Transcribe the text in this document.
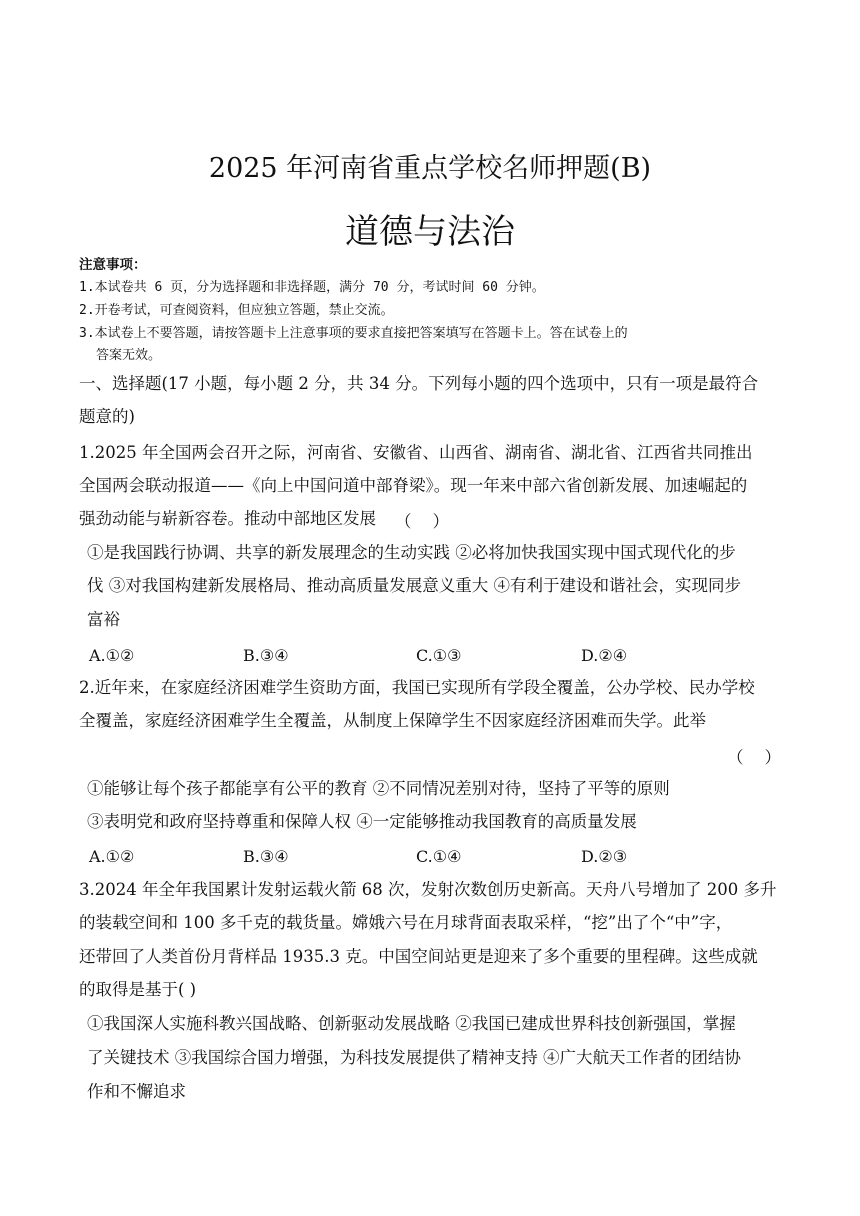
2025 年河南省重点学校名师押题(B)
道德与法治
注意事项：
1.本试卷共 6 页，分为选择题和非选择题，满分 70 分，考试时间 60 分钟。
2.开卷考试，可查阅资料，但应独立答题，禁止交流。
3.本试卷上不要答题，请按答题卡上注意事项的要求直接把答案填写在答题卡上。答在试卷上的
答案无效。
一、选择题(17 小题，每小题 2 分，共 34 分。下列每小题的四个选项中，只有一项是最符合
题意的)
1.2025 年全国两会召开之际，河南省、安徽省、山西省、湖南省、湖北省、江西省共同推出
全国两会联动报道——《向上中国问道中部脊梁》。现一年来中部六省创新发展、加速崛起的
强劲动能与崭新容卷。推动中部地区发展 （    ）
①是我国践行协调、共享的新发展理念的生动实践 ②必将加快我国实现中国式现代化的步
伐 ③对我国构建新发展格局、推动高质量发展意义重大 ④有利于建设和谐社会，实现同步
富裕
A.①②	B.③④	C.①③	D.②④
2.近年来，在家庭经济困难学生资助方面，我国已实现所有学段全覆盖，公办学校、民办学校
全覆盖，家庭经济困难学生全覆盖，从制度上保障学生不因家庭经济困难而失学。此举
（    ）
①能够让每个孩子都能享有公平的教育 ②不同情况差别对待，坚持了平等的原则
③表明党和政府坚持尊重和保障人权 ④一定能够推动我国教育的高质量发展
A.①②	B.③④	C.①④	D.②③
3.2024 年全年我国累计发射运载火箭 68 次，发射次数创历史新高。天舟八号增加了 200 多升
的装载空间和 100 多千克的载货量。嫦娥六号在月球背面表取采样，“挖”出了个“中”字，
还带回了人类首份月背样品 1935.3 克。中国空间站更是迎来了多个重要的里程碑。这些成就
的取得是基于( )
①我国深人实施科教兴国战略、创新驱动发展战略 ②我国已建成世界科技创新强国，掌握
了关键技术 ③我国综合国力增强，为科技发展提供了精神支持 ④广大航天工作者的团结协
作和不懈追求
